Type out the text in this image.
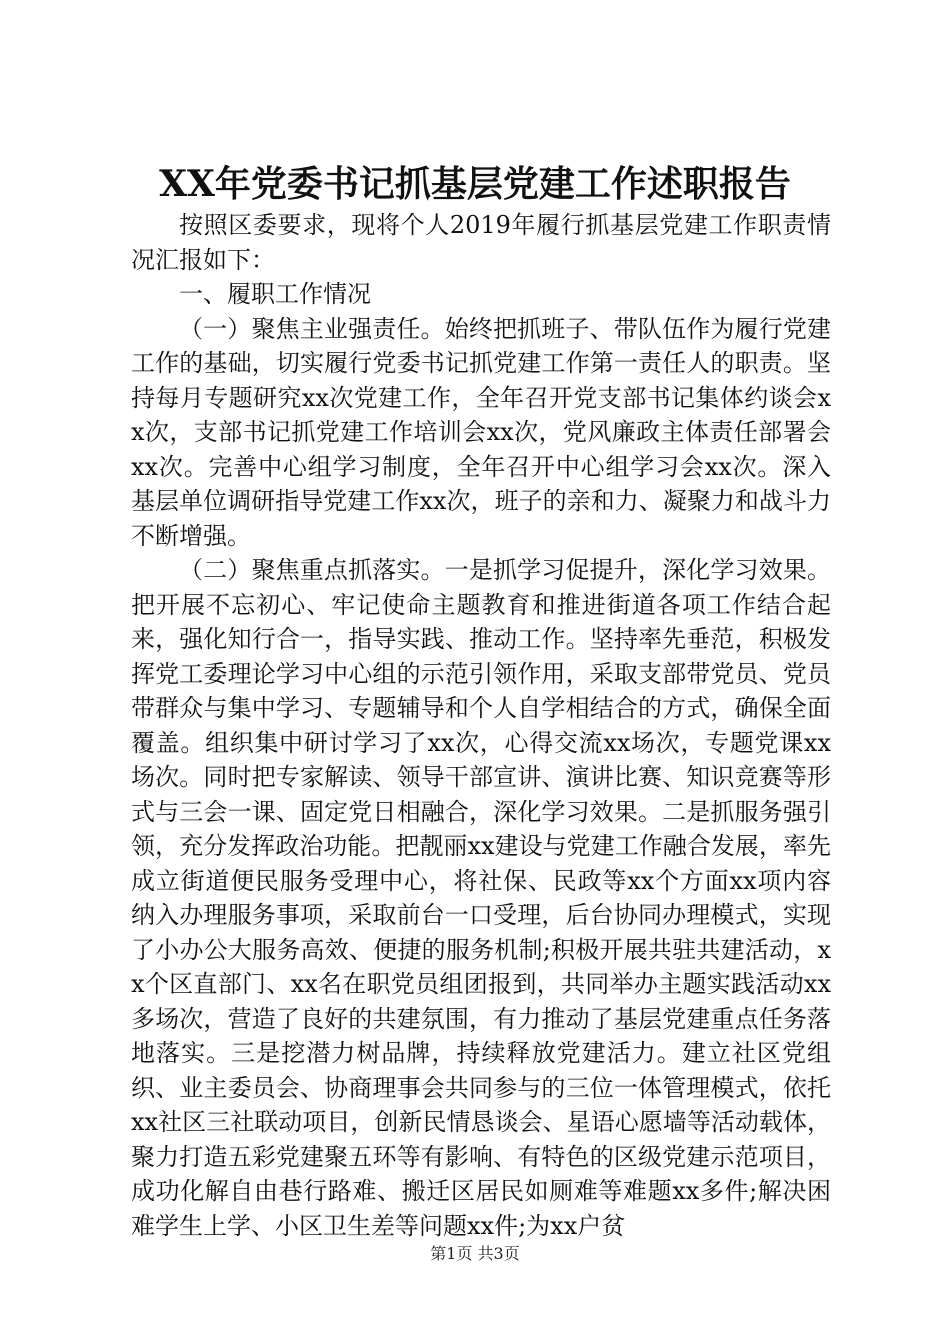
XX年党委书记抓基层党建工作述职报告

按照区委要求，现将个人2019年履行抓基层党建工作职责情况汇报如下：

一、履职工作情况

（一）聚焦主业强责任。始终把抓班子、带队伍作为履行党建工作的基础，切实履行党委书记抓党建工作第一责任人的职责。坚持每月专题研究xx次党建工作，全年召开党支部书记集体约谈会xx次，支部书记抓党建工作培训会xx次，党风廉政主体责任部署会xx次。完善中心组学习制度，全年召开中心组学习会xx次。深入基层单位调研指导党建工作xx次，班子的亲和力、凝聚力和战斗力不断增强。

（二）聚焦重点抓落实。一是抓学习促提升，深化学习效果。把开展不忘初心、牢记使命主题教育和推进街道各项工作结合起来，强化知行合一，指导实践、推动工作。坚持率先垂范，积极发挥党工委理论学习中心组的示范引领作用，采取支部带党员、党员带群众与集中学习、专题辅导和个人自学相结合的方式，确保全面覆盖。组织集中研讨学习了xx次，心得交流xx场次，专题党课xx场次。同时把专家解读、领导干部宣讲、演讲比赛、知识竞赛等形式与三会一课、固定党日相融合，深化学习效果。二是抓服务强引领，充分发挥政治功能。把靓丽xx建设与党建工作融合发展，率先成立街道便民服务受理中心，将社保、民政等xx个方面xx项内容纳入办理服务事项，采取前台一口受理，后台协同办理模式，实现了小办公大服务高效、便捷的服务机制;积极开展共驻共建活动，xx个区直部门、xx名在职党员组团报到，共同举办主题实践活动xx多场次，营造了良好的共建氛围，有力推动了基层党建重点任务落地落实。三是挖潜力树品牌，持续释放党建活力。建立社区党组织、业主委员会、协商理事会共同参与的三位一体管理模式，依托xx社区三社联动项目，创新民情恳谈会、星语心愿墙等活动载体，聚力打造五彩党建聚五环等有影响、有特色的区级党建示范项目，成功化解自由巷行路难、搬迁区居民如厕难等难题xx多件;解决困难学生上学、小区卫生差等问题xx件;为xx户贫

第1页 共3页
